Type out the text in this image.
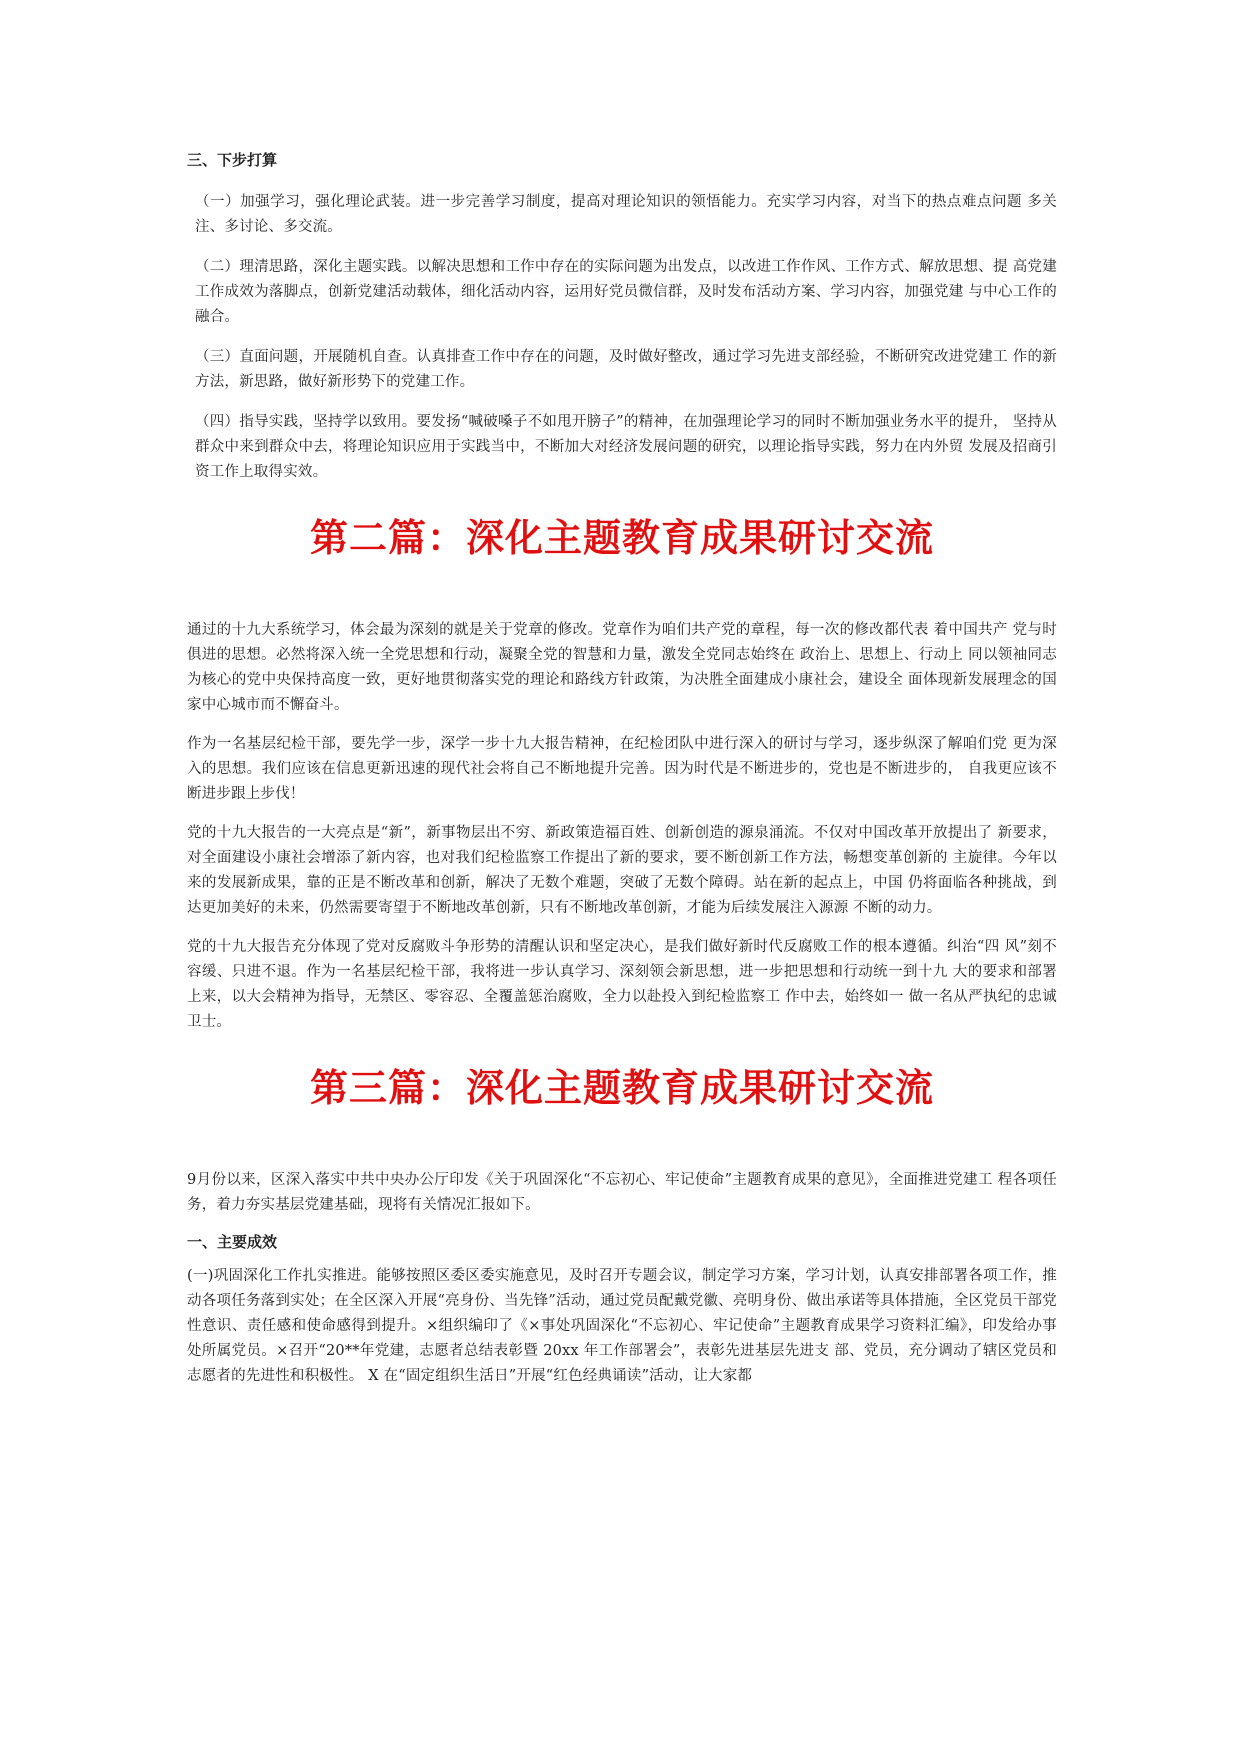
三、下步打算

（一）加强学习，强化理论武装。进一步完善学习制度，提高对理论知识的领悟能力。充实学习内容，对当下的热点难点问题 多关注、多讨论、多交流。

（二）理清思路，深化主题实践。以解决思想和工作中存在的实际问题为出发点，以改进工作作风、工作方式、解放思想、提 高党建工作成效为落脚点，创新党建活动载体，细化活动内容，运用好党员微信群，及时发布活动方案、学习内容，加强党建 与中心工作的融合。

（三）直面问题，开展随机自查。认真排查工作中存在的问题，及时做好整改，通过学习先进支部经验，不断研究改进党建工 作的新方法，新思路，做好新形势下的党建工作。

（四）指导实践，坚持学以致用。要发扬“喊破嗓子不如甩开膀子”的精神，在加强理论学习的同时不断加强业务水平的提升， 坚持从群众中来到群众中去，将理论知识应用于实践当中，不断加大对经济发展问题的研究，以理论指导实践，努力在内外贸 发展及招商引资工作上取得实效。

第二篇：深化主题教育成果研讨交流

通过的十九大系统学习，体会最为深刻的就是关于党章的修改。党章作为咱们共产党的章程，每一次的修改都代表 着中国共产 党与时俱进的思想。必然将深入统一全党思想和行动，凝聚全党的智慧和力量，激发全党同志始终在 政治上、思想上、行动上 同以领袖同志为核心的党中央保持高度一致，更好地贯彻落实党的理论和路线方针政策，为决胜全面建成小康社会，建设全 面体现新发展理念的国家中心城市而不懈奋斗。

作为一名基层纪检干部，要先学一步，深学一步十九大报告精神，在纪检团队中进行深入的研讨与学习，逐步纵深了解咱们党 更为深入的思想。我们应该在信息更新迅速的现代社会将自己不断地提升完善。因为时代是不断进步的，党也是不断进步的， 自我更应该不断进步跟上步伐！

党的十九大报告的一大亮点是“新”，新事物层出不穷、新政策造福百姓、创新创造的源泉涌流。不仅对中国改革开放提出了 新要求，对全面建设小康社会增添了新内容，也对我们纪检监察工作提出了新的要求，要不断创新工作方法，畅想变革创新的 主旋律。今年以来的发展新成果，靠的正是不断改革和创新，解决了无数个难题，突破了无数个障碍。站在新的起点上，中国 仍将面临各种挑战，到达更加美好的未来，仍然需要寄望于不断地改革创新，只有不断地改革创新，才能为后续发展注入源源 不断的动力。

党的十九大报告充分体现了党对反腐败斗争形势的清醒认识和坚定决心，是我们做好新时代反腐败工作的根本遵循。纠治“四 风”刻不容缓、只进不退。作为一名基层纪检干部，我将进一步认真学习、深刻领会新思想，进一步把思想和行动统一到十九 大的要求和部署上来，以大会精神为指导，无禁区、零容忍、全覆盖惩治腐败，全力以赴投入到纪检监察工 作中去，始终如一 做一名从严执纪的忠诚卫士。

第三篇：深化主题教育成果研讨交流

9月份以来，区深入落实中共中央办公厅印发《关于巩固深化“不忘初心、牢记使命”主题教育成果的意见》，全面推进党建工 程各项任务，着力夯实基层党建基础，现将有关情况汇报如下。

一、主要成效

(一)巩固深化工作扎实推进。能够按照区委区委实施意见，及时召开专题会议，制定学习方案，学习计划，认真安排部署各项工作，推动各项任务落到实处；在全区深入开展“亮身份、当先锋”活动，通过党员配戴党徽、亮明身份、做出承诺等具体措施，全区党员干部党性意识、责任感和使命感得到提升。×组织编印了《×事处巩固深化“不忘初心、牢记使命”主题教育成果学习资料汇编》，印发给办事处所属党员。×召开“20**年党建，志愿者总结表彰暨 20xx 年工作部署会”，表彰先进基层先进支 部、党员，充分调动了辖区党员和志愿者的先进性和积极性。 X 在“固定组织生活日”开展“红色经典诵读”活动，让大家都
